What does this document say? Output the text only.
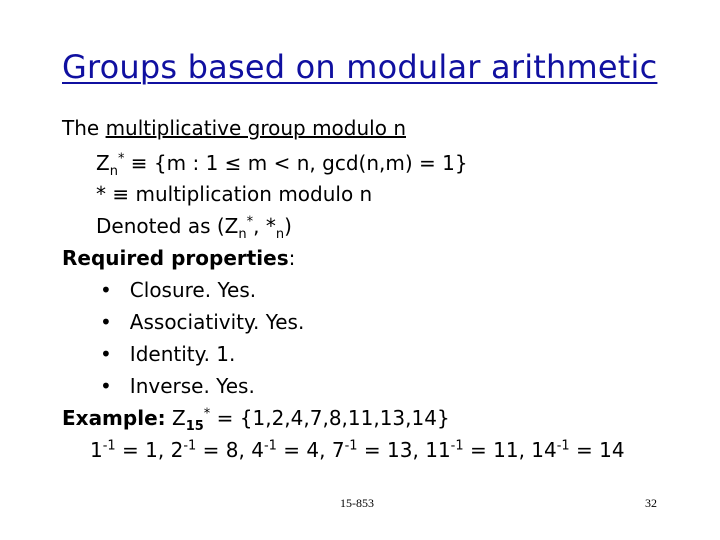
Groups based on modular arithmetic
The multiplicative group modulo n
$Z_n^* \equiv \{m$ : 1 ≤ m < n, gcd(n,m) = 1}
* ≡ multiplication modulo n
Denoted as ($Z_n^*$, $*_n$)
Required properties:
• Closure. Yes.
• Associativity. Yes.
• Identity. 1.
• Inverse. Yes.
Example: $Z_{15}^* = \{1,2,4,7,8,11,13,14\}$
$1^{-1} = 1$, $2^{-1} = 8$, $4^{-1} = 4$, $7^{-1} = 13$, $11^{-1} = 11$, $14^{-1} = 14$
15-853	32
